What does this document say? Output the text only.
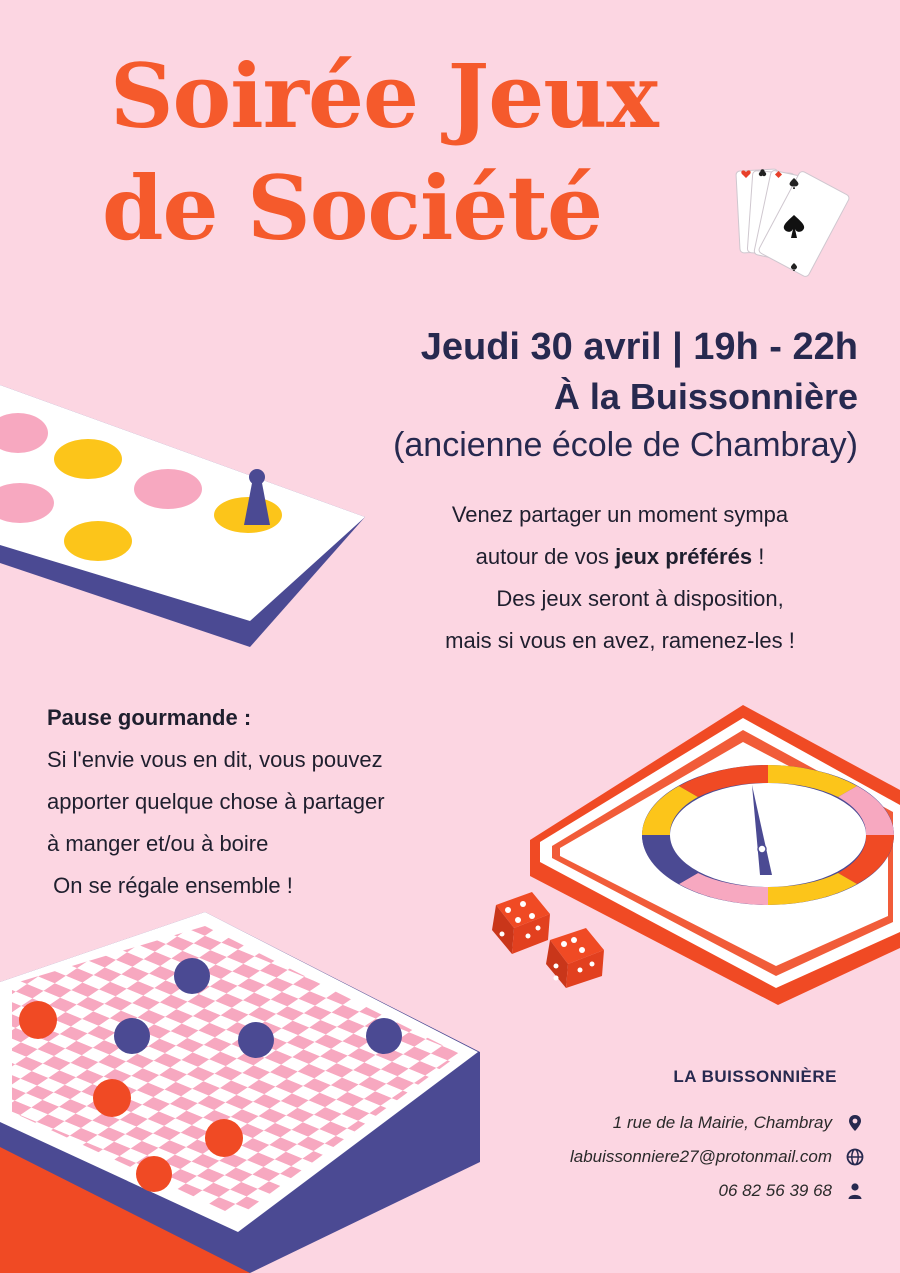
Soirée Jeux
de Société
Jeudi 30 avril | 19h - 22h
À la Buissonnière
(ancienne école de Chambray)

Venez partager un moment sympa

autour de vos jeux préférés !

Des jeux seront à disposition,

mais si vous en avez, ramenez-les !

Pause gourmande :

Si l'envie vous en dit, vous pouvez

apporter quelque chose à partager

à manger et/ou à boire

On se régale ensemble !

LA BUISSONNIÈRE
1 rue de la Mairie, Chambray
labuissonniere27@protonmail.com
06 82 56 39 68
